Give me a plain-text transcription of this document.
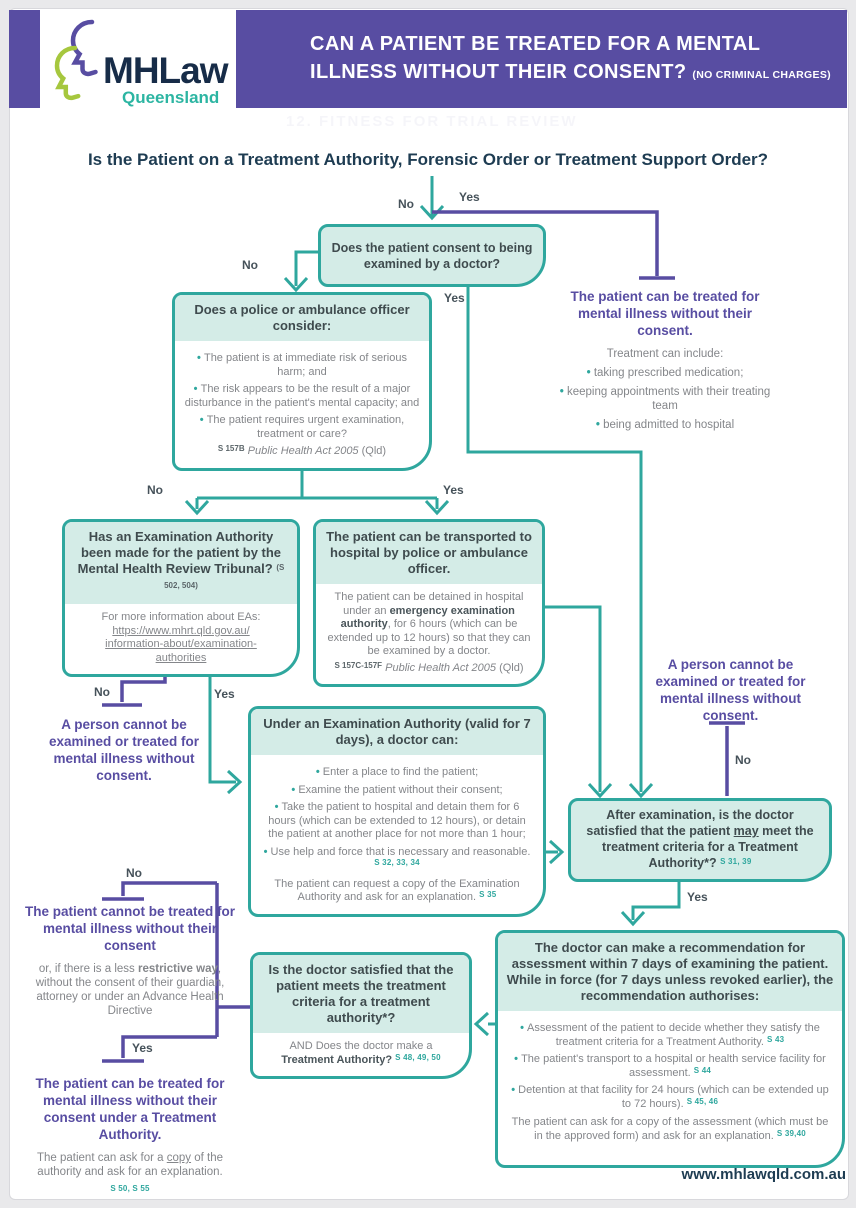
MHLaw
Queensland
CAN A PATIENT BE TREATED FOR A MENTAL
ILLNESS WITHOUT THEIR CONSENT? (NO CRIMINAL CHARGES)
12. FITNESS FOR TRIAL REVIEW
Is the Patient on a Treatment Authority, Forensic Order or Treatment Support Order?
No	Yes
No
Yes
No	Yes
No	Yes
No
Yes
No
Yes
Does the patient consent to being examined by a doctor?
Does a police or ambulance officer consider:
• The patient is at immediate risk of serious harm; and
• The risk appears to be the result of a major disturbance in the patient's mental capacity; and
• The patient requires urgent examination, treatment or care?
$^{S 157B}$ Public Health Act 2005 (Qld)
Has an Examination Authority been made for the patient by the Mental Health Review Tribunal? $^{(S 502, 504)}$
For more information about EAs:
https://www.mhrt.qld.gov.au/
information-about/examination-
authorities
The patient can be transported to hospital by police or ambulance officer.
The patient can be detained in hospital under an emergency examination authority, for 6 hours (which can be extended up to 12 hours) so that they can be examined by a doctor.
$^{S 157C-157F}$ Public Health Act 2005 (Qld)
Under an Examination Authority (valid for 7 days), a doctor can:
• Enter a place to find the patient;
• Examine the patient without their consent;
• Take the patient to hospital and detain them for 6 hours (which can be extended to 12 hours), or detain the patient at another place for not more than 1 hour;
• Use help and force that is necessary and reasonable. $^{S 32, 33, 34}$
The patient can request a copy of the Examination Authority and ask for an explanation. $^{S 35}$
After examination, is the doctor satisfied that the patient may meet the treatment criteria for a Treatment Authority*? $^{S 31, 39}$
Is the doctor satisfied that the patient meets the treatment criteria for a treatment authority*?
AND Does the doctor make a Treatment Authority? $^{S 48, 49, 50}$
The doctor can make a recommendation for assessment within 7 days of examining the patient. While in force (for 7 days unless revoked earlier), the recommendation authorises:
• Assessment of the patient to decide whether they satisfy the treatment criteria for a Treatment Authority. $^{S 43}$
• The patient's transport to a hospital or health service facility for assessment. $^{S 44}$
• Detention at that facility for 24 hours (which can be extended up to 72 hours). $^{S 45, 46}$
The patient can ask for a copy of the assessment (which must be in the approved form) and ask for an explanation. $^{S 39,40}$
The patient can be treated for mental illness without their consent.
Treatment can include:
• taking prescribed medication;
• keeping appointments with their treating team
• being admitted to hospital
A person cannot be examined or treated for mental illness without consent.
A person cannot be examined or treated for mental illness without consent.
The patient cannot be treated for mental illness without their consent
or, if there is a less restrictive way, without the consent of their guardian, attorney or under an Advance Health Directive
The patient can be treated for mental illness without their consent under a Treatment Authority.
The patient can ask for a copy of the authority and ask for an explanation.
S 50, S 55
www.mhlawqld.com.au
